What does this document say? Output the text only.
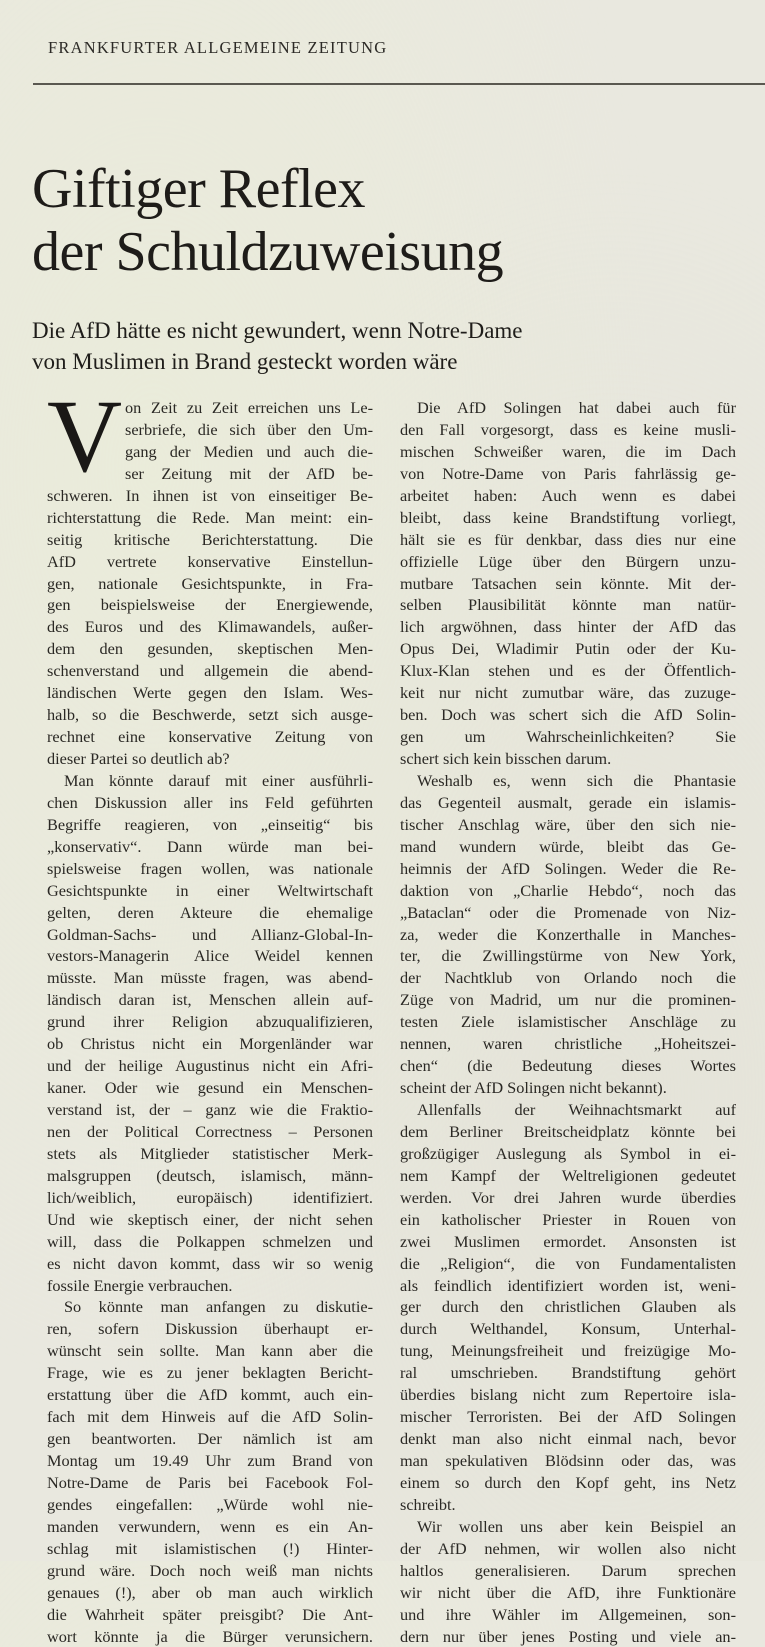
FRANKFURTER ALLGEMEINE ZEITUNG
Giftiger Reflex
der Schuldzuweisung
Die AfD hätte es nicht gewundert, wenn Notre-Dame
von Muslimen in Brand gesteckt worden wäre
V on Zeit zu Zeit erreichen uns Le-
serbriefe, die sich über den Um-
gang der Medien und auch die-
ser Zeitung mit der AfD be-
schweren. In ihnen ist von einseitiger Be-
richterstattung die Rede. Man meint: ein-
seitig kritische Berichterstattung. Die
AfD vertrete konservative Einstellun-
gen, nationale Gesichtspunkte, in Fra-
gen beispielsweise der Energiewende,
des Euros und des Klimawandels, außer-
dem den gesunden, skeptischen Men-
schenverstand und allgemein die abend-
ländischen Werte gegen den Islam. Wes-
halb, so die Beschwerde, setzt sich ausge-
rechnet eine konservative Zeitung von
dieser Partei so deutlich ab?
Man könnte darauf mit einer ausführli-
chen Diskussion aller ins Feld geführten
Begriffe reagieren, von „einseitig“ bis
„konservativ“. Dann würde man bei-
spielsweise fragen wollen, was nationale
Gesichtspunkte in einer Weltwirtschaft
gelten, deren Akteure die ehemalige
Goldman-Sachs- und Allianz-Global-In-
vestors-Managerin Alice Weidel kennen
müsste. Man müsste fragen, was abend-
ländisch daran ist, Menschen allein auf-
grund ihrer Religion abzuqualifizieren,
ob Christus nicht ein Morgenländer war
und der heilige Augustinus nicht ein Afri-
kaner. Oder wie gesund ein Menschen-
verstand ist, der – ganz wie die Fraktio-
nen der Political Correctness – Personen
stets als Mitglieder statistischer Merk-
malsgruppen (deutsch, islamisch, männ-
lich/weiblich, europäisch) identifiziert.
Und wie skeptisch einer, der nicht sehen
will, dass die Polkappen schmelzen und
es nicht davon kommt, dass wir so wenig
fossile Energie verbrauchen.
So könnte man anfangen zu diskutie-
ren, sofern Diskussion überhaupt er-
wünscht sein sollte. Man kann aber die
Frage, wie es zu jener beklagten Bericht-
erstattung über die AfD kommt, auch ein-
fach mit dem Hinweis auf die AfD Solin-
gen beantworten. Der nämlich ist am
Montag um 19.49 Uhr zum Brand von
Notre-Dame de Paris bei Facebook Fol-
gendes eingefallen: „Würde wohl nie-
manden verwundern, wenn es ein An-
schlag mit islamistischen (!) Hinter-
grund wäre. Doch noch weiß man nichts
genaues (!), aber ob man auch wirklich
die Wahrheit später preisgibt? Die Ant-
wort könnte ja die Bürger verunsichern.
Die AfD Solingen hat dabei auch für
den Fall vorgesorgt, dass es keine musli-
mischen Schweißer waren, die im Dach
von Notre-Dame von Paris fahrlässig ge-
arbeitet haben: Auch wenn es dabei
bleibt, dass keine Brandstiftung vorliegt,
hält sie es für denkbar, dass dies nur eine
offizielle Lüge über den Bürgern unzu-
mutbare Tatsachen sein könnte. Mit der-
selben Plausibilität könnte man natür-
lich argwöhnen, dass hinter der AfD das
Opus Dei, Wladimir Putin oder der Ku-
Klux-Klan stehen und es der Öffentlich-
keit nur nicht zumutbar wäre, das zuzuge-
ben. Doch was schert sich die AfD Solin-
gen um Wahrscheinlichkeiten? Sie
schert sich kein bisschen darum.
Weshalb es, wenn sich die Phantasie
das Gegenteil ausmalt, gerade ein islamis-
tischer Anschlag wäre, über den sich nie-
mand wundern würde, bleibt das Ge-
heimnis der AfD Solingen. Weder die Re-
daktion von „Charlie Hebdo“, noch das
„Bataclan“ oder die Promenade von Niz-
za, weder die Konzerthalle in Manches-
ter, die Zwillingstürme von New York,
der Nachtklub von Orlando noch die
Züge von Madrid, um nur die prominen-
testen Ziele islamistischer Anschläge zu
nennen, waren christliche „Hoheitszei-
chen“ (die Bedeutung dieses Wortes
scheint der AfD Solingen nicht bekannt).
Allenfalls der Weihnachtsmarkt auf
dem Berliner Breitscheidplatz könnte bei
großzügiger Auslegung als Symbol in ei-
nem Kampf der Weltreligionen gedeutet
werden. Vor drei Jahren wurde überdies
ein katholischer Priester in Rouen von
zwei Muslimen ermordet. Ansonsten ist
die „Religion“, die von Fundamentalisten
als feindlich identifiziert worden ist, weni-
ger durch den christlichen Glauben als
durch Welthandel, Konsum, Unterhal-
tung, Meinungsfreiheit und freizügige Mo-
ral umschrieben. Brandstiftung gehört
überdies bislang nicht zum Repertoire isla-
mischer Terroristen. Bei der AfD Solingen
denkt man also nicht einmal nach, bevor
man spekulativen Blödsinn oder das, was
einem so durch den Kopf geht, ins Netz
schreibt.
Wir wollen uns aber kein Beispiel an
der AfD nehmen, wir wollen also nicht
haltlos generalisieren. Darum sprechen
wir nicht über die AfD, ihre Funktionäre
und ihre Wähler im Allgemeinen, son-
dern nur über jenes Posting und viele an-
